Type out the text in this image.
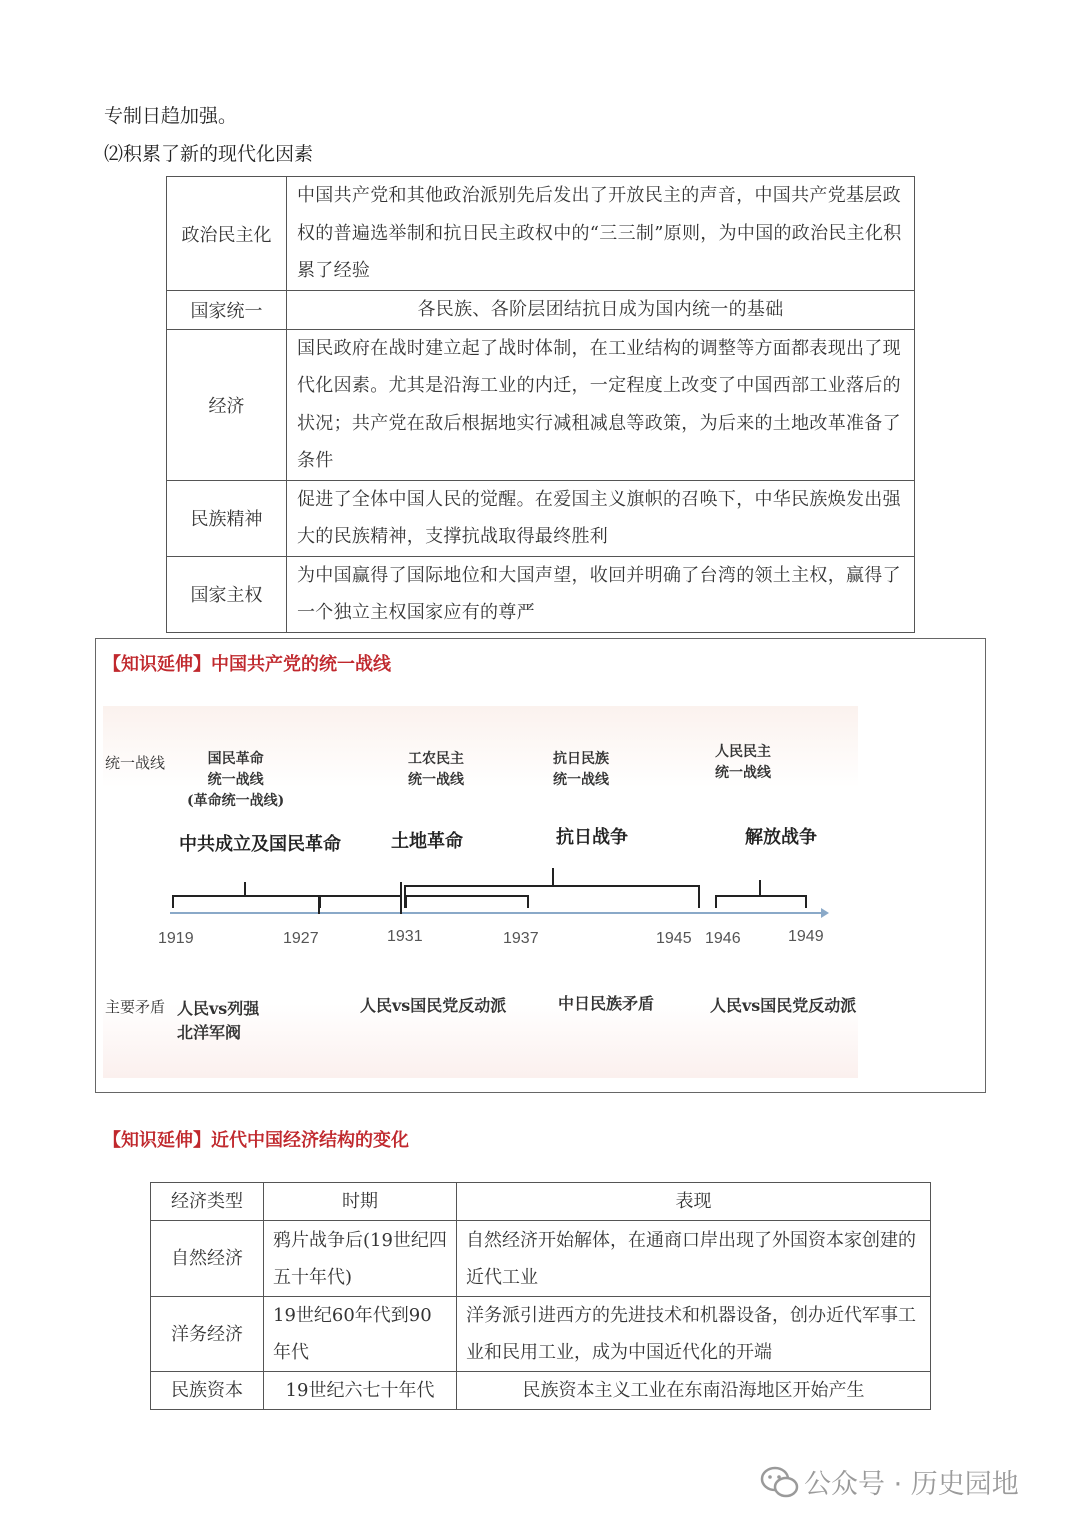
专制日趋加强。
⑵积累了新的现代化因素
政治民主化	中国共产党和其他政治派别先后发出了开放民主的声音，中国共产党基层政权的普遍选举制和抗日民主政权中的“三三制”原则，为中国的政治民主化积累了经验
国家统一	各民族、各阶层团结抗日成为国内统一的基础
经济	国民政府在战时建立起了战时体制，在工业结构的调整等方面都表现出了现代化因素。尤其是沿海工业的内迁，一定程度上改变了中国西部工业落后的状况；共产党在敌后根据地实行减租减息等政策，为后来的土地改革准备了条件
民族精神	促进了全体中国人民的觉醒。在爱国主义旗帜的召唤下，中华民族焕发出强大的民族精神，支撑抗战取得最终胜利
国家主权	为中国赢得了国际地位和大国声望，收回并明确了台湾的领土主权，赢得了一个独立主权国家应有的尊严
【知识延伸】中国共产党的统一战线
统一战线
主要矛盾
国民革命
统一战线
(革命统一战线)
工农民主
统一战线
抗日民族
统一战线
人民民主
统一战线
中共成立及国民革命	土地革命	抗日战争	解放战争
1919	1927	1931	1937	1945 1946	1949
人民vs列强
北洋军阀
人民vs国民党反动派	中日民族矛盾	人民vs国民党反动派
【知识延伸】近代中国经济结构的变化
经济类型	时期	表现
自然经济	鸦片战争后(19世纪四五十年代)	自然经济开始解体，在通商口岸出现了外国资本家创建的近代工业
洋务经济	19世纪60年代到90年代	洋务派引进西方的先进技术和机器设备，创办近代军事工业和民用工业，成为中国近代化的开端
民族资本	19世纪六七十年代	民族资本主义工业在东南沿海地区开始产生
公众号 · 历史园地
